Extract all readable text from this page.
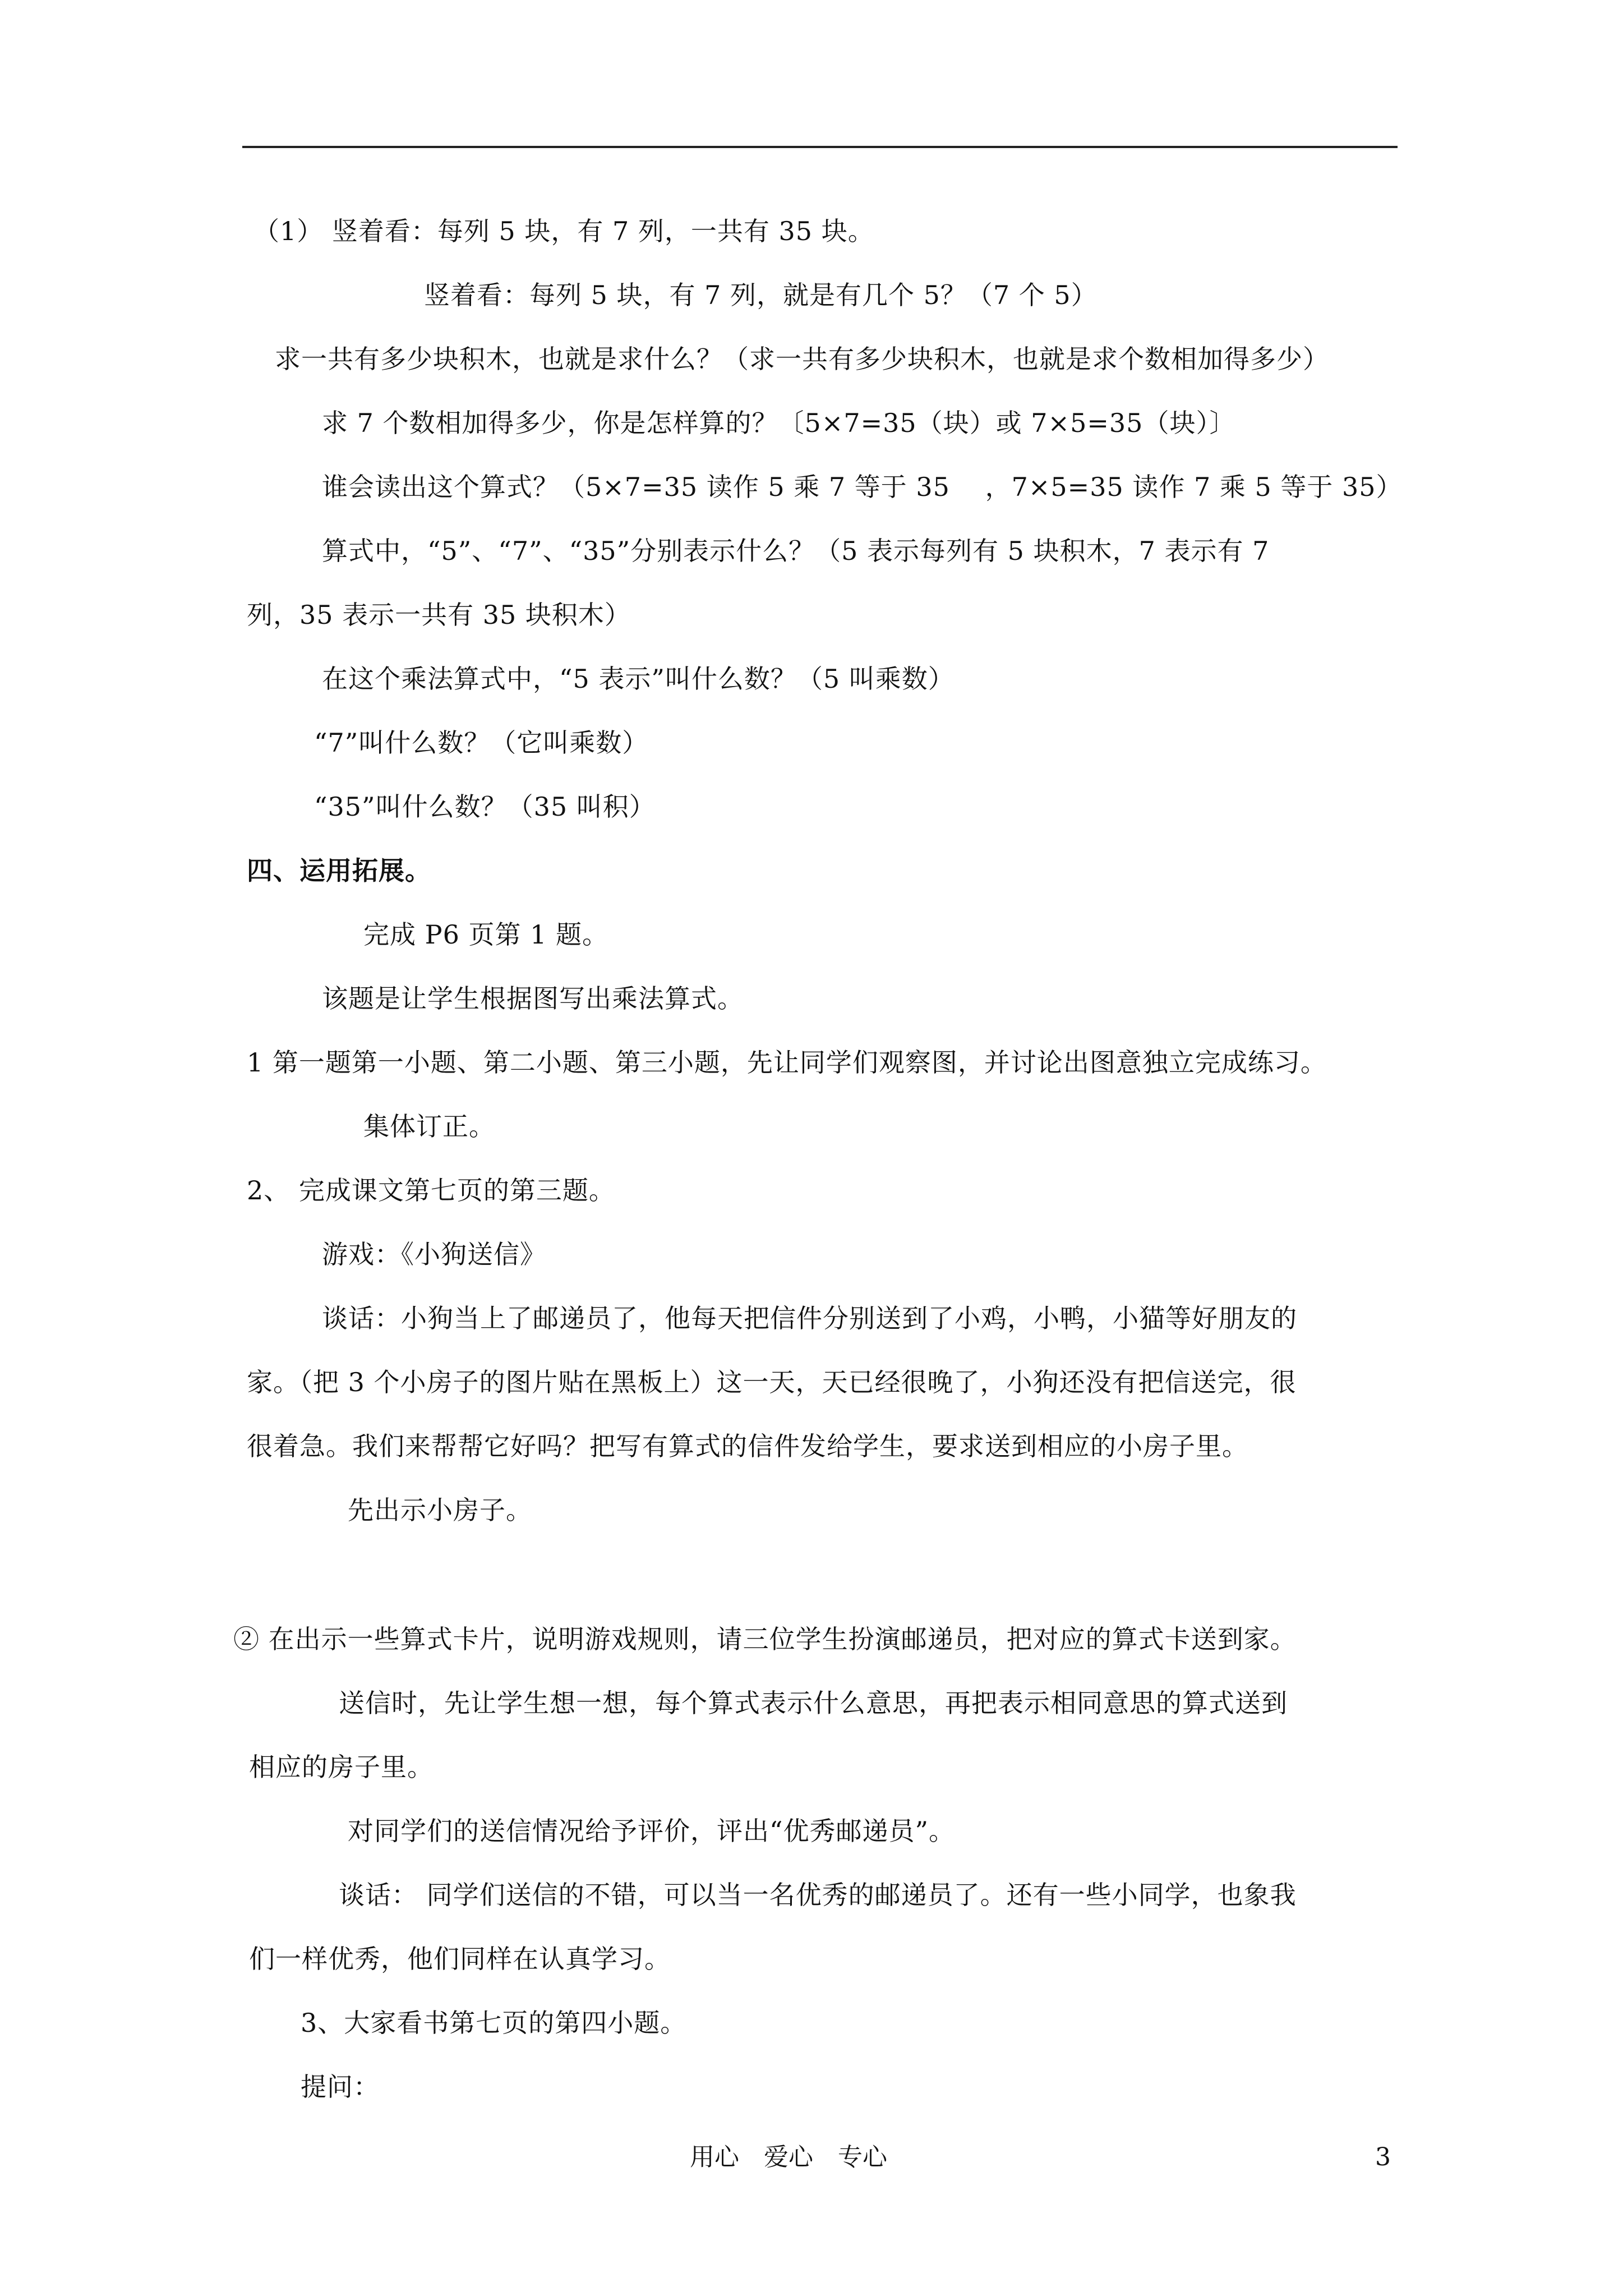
（1） 竖着看：每列 5 块，有 7 列，一共有 35 块。
竖着看：每列 5 块，有 7 列，就是有几个 5？（7 个 5）
求一共有多少块积木，也就是求什么？（求一共有多少块积木，也就是求个数相加得多少）
求 7 个数相加得多少，你是怎样算的？〔5×7=35（块）或 7×5=35（块）〕
谁会读出这个算式？（5×7=35 读作 5 乘 7 等于 35　 ，7×5=35 读作 7 乘 5 等于 35）
算式中，“5”、“7”、“35”分别表示什么？（5 表示每列有 5 块积木，7 表示有 7
列，35 表示一共有 35 块积木）
在这个乘法算式中，“5 表示”叫什么数？（5 叫乘数）
“7”叫什么数？（它叫乘数）
“35”叫什么数？（35 叫积）
四、运用拓展。
完成 P6 页第 1 题。
该题是让学生根据图写出乘法算式。
1 第一题第一小题、第二小题、第三小题，先让同学们观察图，并讨论出图意独立完成练习。
集体订正。
2、 完成课文第七页的第三题。
游戏：《小狗送信》
谈话：小狗当上了邮递员了，他每天把信件分别送到了小鸡，小鸭，小猫等好朋友的
家。（把 3 个小房子的图片贴在黑板上）这一天，天已经很晚了，小狗还没有把信送完，很
很着急。我们来帮帮它好吗？把写有算式的信件发给学生，要求送到相应的小房子里。
先出示小房子。
② 在出示一些算式卡片，说明游戏规则，请三位学生扮演邮递员，把对应的算式卡送到家。
送信时，先让学生想一想，每个算式表示什么意思，再把表示相同意思的算式送到
相应的房子里。
对同学们的送信情况给予评价，评出“优秀邮递员”。
谈话： 同学们送信的不错，可以当一名优秀的邮递员了。还有一些小同学，也象我
们一样优秀，他们同样在认真学习。
3、大家看书第七页的第四小题。
提问：
用心　爱心　专心	3
